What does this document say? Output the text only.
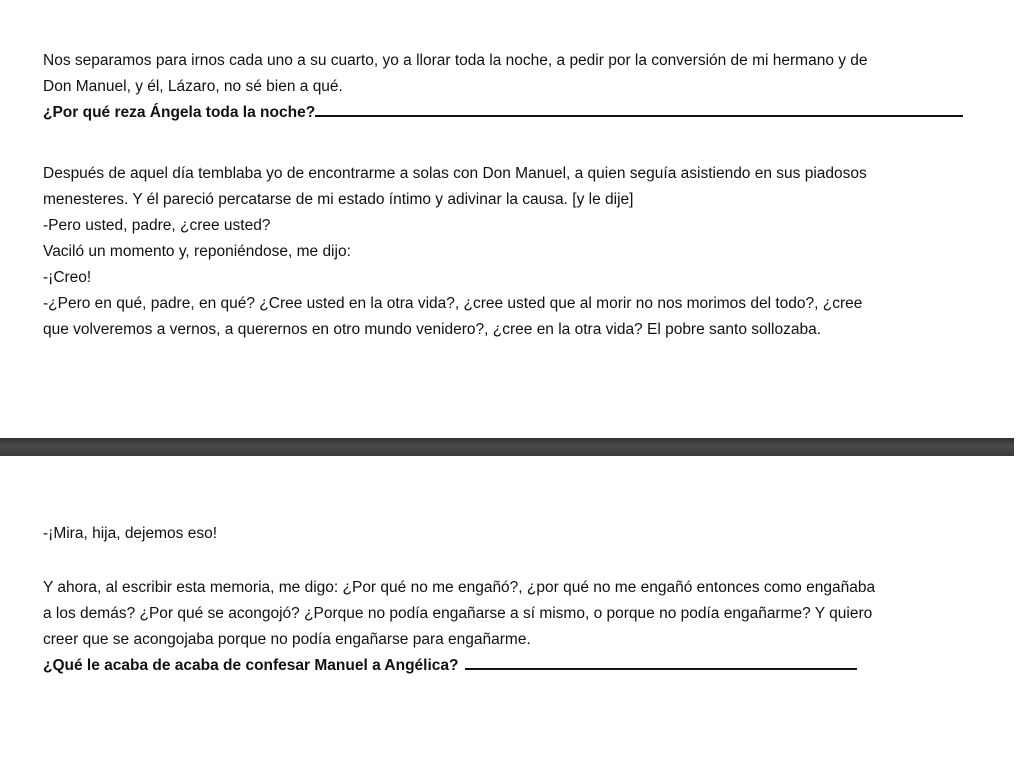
Nos separamos para irnos cada uno a su cuarto, yo a llorar toda la noche, a pedir por la conversión de mi hermano y de
Don Manuel, y él, Lázaro, no sé bien a qué.
¿Por qué reza Ángela toda la noche?
Después de aquel día temblaba yo de encontrarme a solas con Don Manuel, a quien seguía asistiendo en sus piadosos
menesteres. Y él pareció percatarse de mi estado íntimo y adivinar la causa. [y le dije]
-Pero usted, padre, ¿cree usted?
Vaciló un momento y, reponiéndose, me dijo:
-¡Creo!
-¿Pero en qué, padre, en qué? ¿Cree usted en la otra vida?, ¿cree usted que al morir no nos morimos del todo?, ¿cree
que volveremos a vernos, a querernos en otro mundo venidero?, ¿cree en la otra vida? El pobre santo sollozaba.
-¡Mira, hija, dejemos eso!
Y ahora, al escribir esta memoria, me digo: ¿Por qué no me engañó?, ¿por qué no me engañó entonces como engañaba
a los demás? ¿Por qué se acongojó? ¿Porque no podía engañarse a sí mismo, o porque no podía engañarme? Y quiero
creer que se acongojaba porque no podía engañarse para engañarme.
¿Qué le acaba de acaba de confesar Manuel a Angélica?
